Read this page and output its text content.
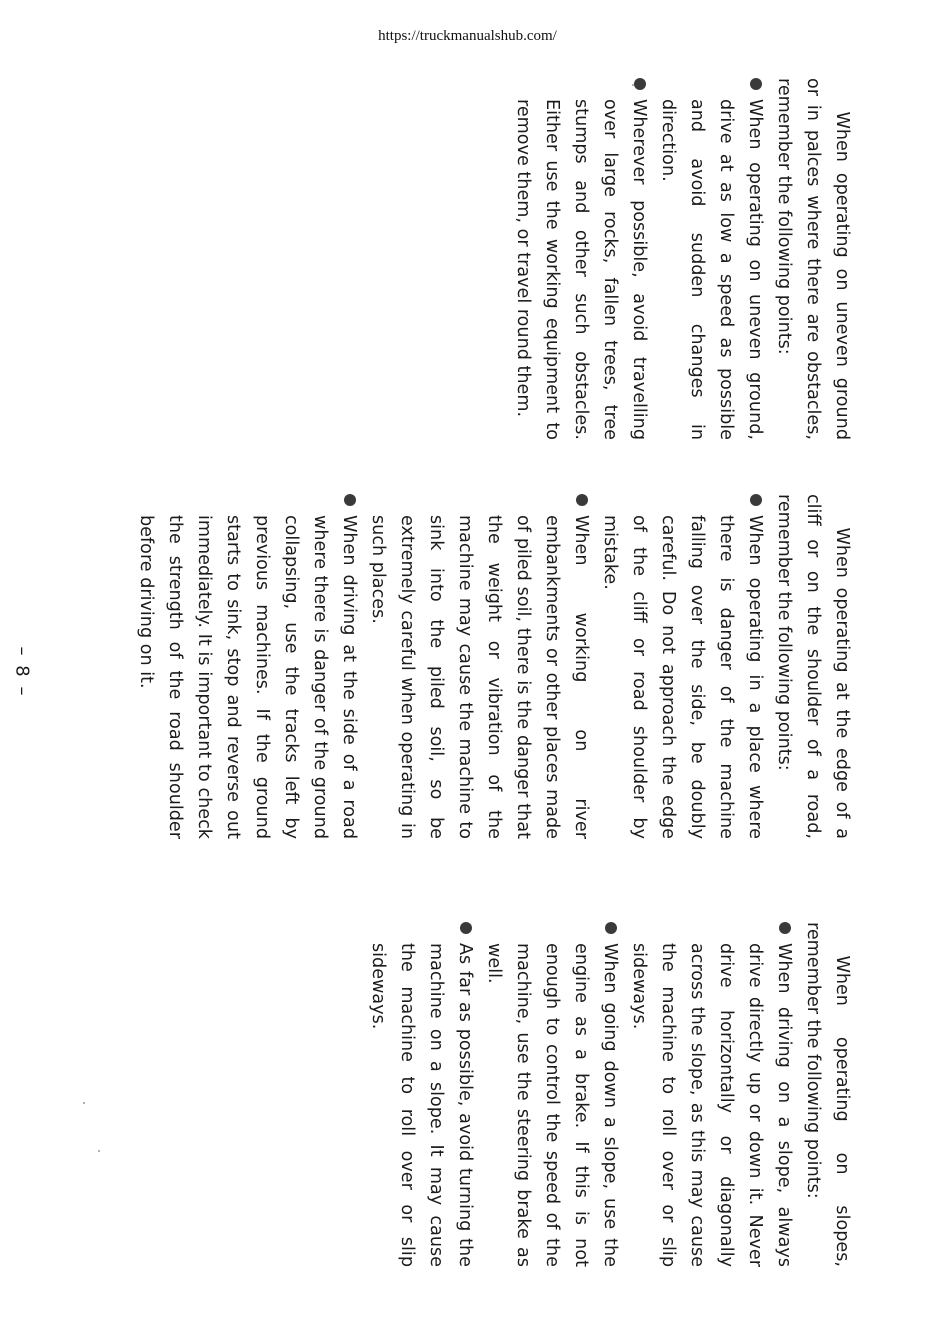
https://truckmanualshub.com/

When operating on uneven ground or in palces where there are obstacles, remember the following points:

When operating on uneven ground, drive at as low a speed as possible and avoid sudden changes in direction.
Wherever possible, avoid travelling over large rocks, fallen trees, tree stumps and other such obstacles. Either use the working equipment to remove them, or travel round them.

When operating at the edge of a cliff or on the shoulder of a road, remember the following points:

When operating in a place where there is danger of the machine falling over the side, be doubly careful. Do not approach the edge of the cliff or road shoulder by mistake.
When working on river embankments or other places made of piled soil, there is the danger that the weight or vibration of the machine may cause the machine to sink into the piled soil, so be extremely careful when operating in such places.
When driving at the side of a road where there is danger of the ground collapsing, use the tracks left by previous machines. If the ground starts to sink, stop and reverse out immediately. It is important to check the strength of the road shoulder before driving on it.

When operating on slopes, remember the following points:

When driving on a slope, always drive directly up or down it. Never drive horizontally or diagonally across the slope, as this may cause the machine to roll over or slip sideways.
When going down a slope, use the engine as a brake. If this is not enough to control the speed of the machine, use the steering brake as well.
As far as possible, avoid turning the machine on a slope. It may cause the machine to roll over or slip sideways.
– 8 –
